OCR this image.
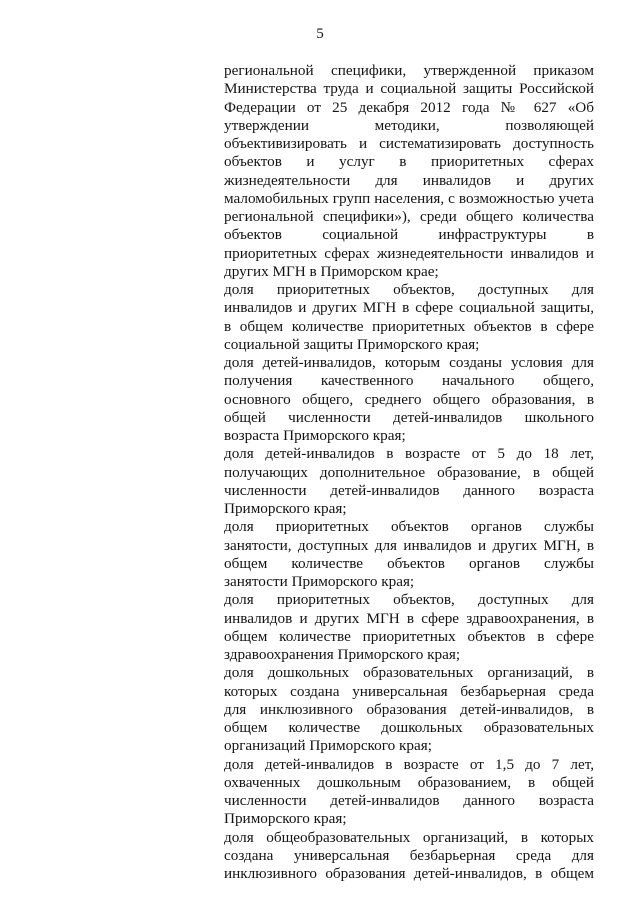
5
региональной специфики, утвержденной приказом
Министерства труда и социальной защиты Российской
Федерации от 25 декабря 2012 года № 627 «Об
утверждении методики, позволяющей
объективизировать и систематизировать доступность
объектов и услуг в приоритетных сферах
жизнедеятельности для инвалидов и других
маломобильных групп населения, с возможностью учета
региональной специфики»), среди общего количества
объектов социальной инфраструктуры в
приоритетных сферах жизнедеятельности инвалидов и
других МГН в Приморском крае;
доля приоритетных объектов, доступных для
инвалидов и других МГН в сфере социальной защиты,
в общем количестве приоритетных объектов в сфере
социальной защиты Приморского края;
доля детей-инвалидов, которым созданы условия для
получения качественного начального общего,
основного общего, среднего общего образования, в
общей численности детей-инвалидов школьного
возраста Приморского края;
доля детей-инвалидов в возрасте от 5 до 18 лет,
получающих дополнительное образование, в общей
численности детей-инвалидов данного возраста
Приморского края;
доля приоритетных объектов органов службы
занятости, доступных для инвалидов и других МГН, в
общем количестве объектов органов службы
занятости Приморского края;
доля приоритетных объектов, доступных для
инвалидов и других МГН в сфере здравоохранения, в
общем количестве приоритетных объектов в сфере
здравоохранения Приморского края;
доля дошкольных образовательных организаций, в
которых создана универсальная безбарьерная среда
для инклюзивного образования детей-инвалидов, в
общем количестве дошкольных образовательных
организаций Приморского края;
доля детей-инвалидов в возрасте от 1,5 до 7 лет,
охваченных дошкольным образованием, в общей
численности детей-инвалидов данного возраста
Приморского края;
доля общеобразовательных организаций, в которых
создана универсальная безбарьерная среда для
инклюзивного образования детей-инвалидов, в общем
